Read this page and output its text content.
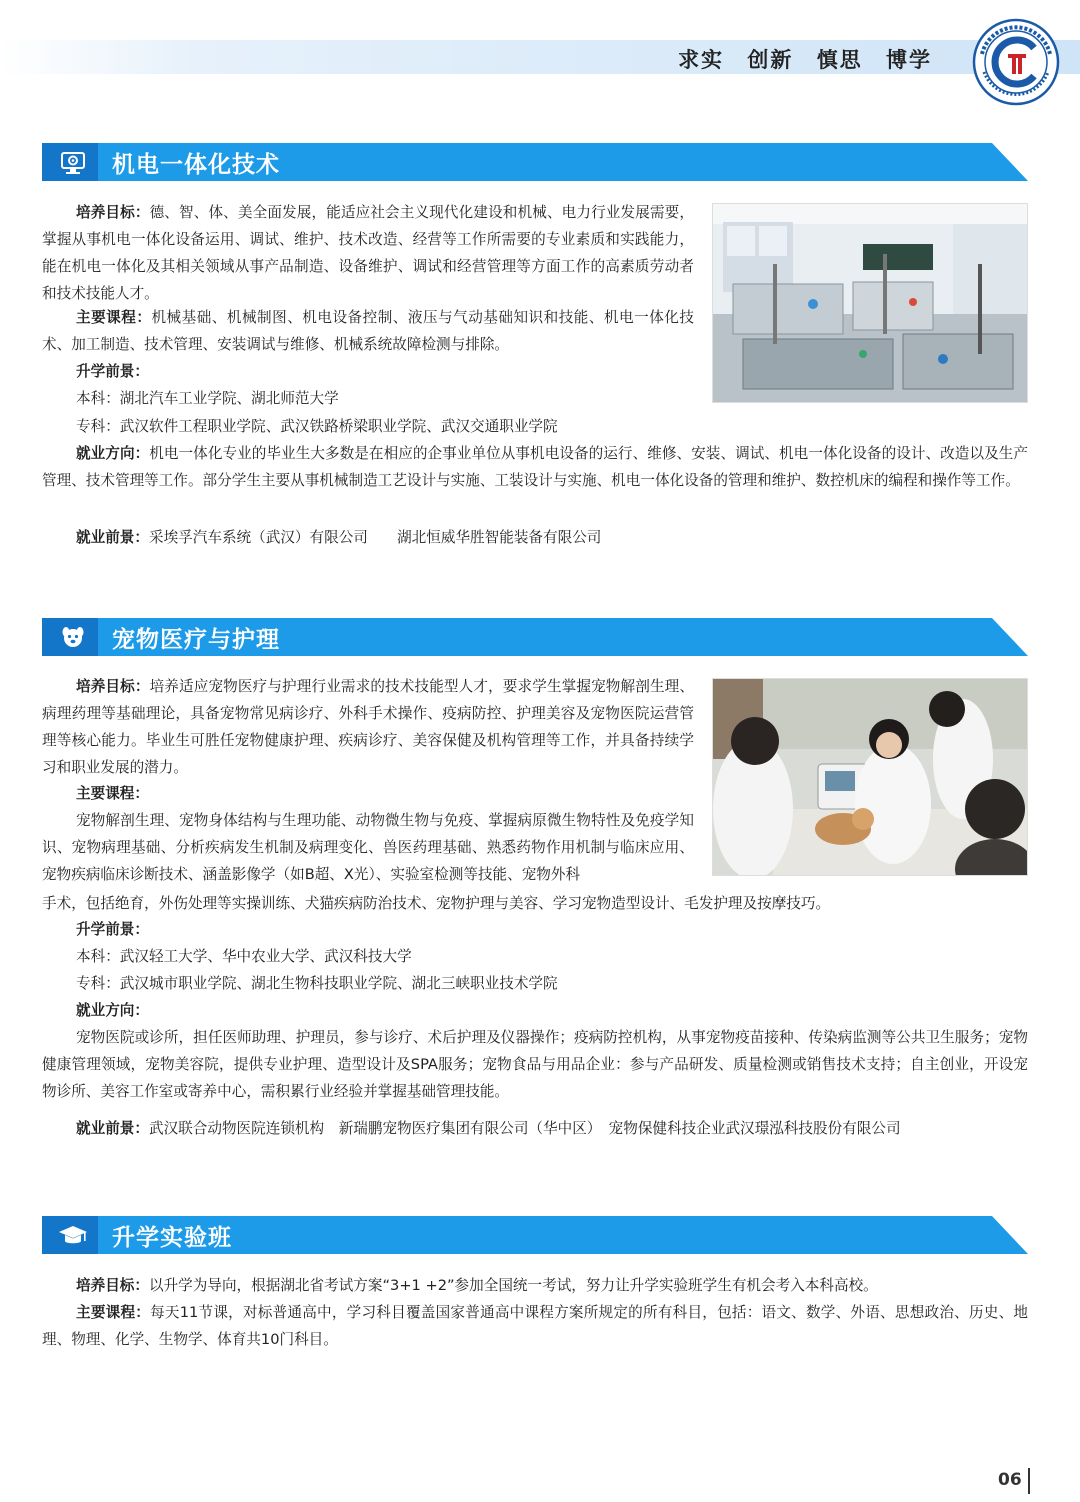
求实 创新 慎思 博学
机电一体化技术

培养目标：德、智、体、美全面发展，能适应社会主义现代化建设和机械、电力行业发展需要，掌握从事机电一体化设备运用、调试、维护、技术改造、经营等工作所需要的专业素质和实践能力，能在机电一体化及其相关领域从事产品制造、设备维护、调试和经营管理等方面工作的高素质劳动者和技术技能人才。

主要课程：机械基础、机械制图、机电设备控制、液压与气动基础知识和技能、机电一体化技术、加工制造、技术管理、安装调试与维修、机械系统故障检测与排除。

升学前景：

本科：湖北汽车工业学院、湖北师范大学

专科：武汉软件工程职业学院、武汉铁路桥梁职业学院、武汉交通职业学院

就业方向：机电一体化专业的毕业生大多数是在相应的企事业单位从事机电设备的运行、维修、安装、调试、机电一体化设备的设计、改造以及生产管理、技术管理等工作。部分学生主要从事机械制造工艺设计与实施、工装设计与实施、机电一体化设备的管理和维护、数控机床的编程和操作等工作。

就业前景：采埃孚汽车系统（武汉）有限公司　　湖北恒威华胜智能装备有限公司

宠物医疗与护理

培养目标：培养适应宠物医疗与护理行业需求的技术技能型人才，要求学生掌握宠物解剖生理、病理药理等基础理论，具备宠物常见病诊疗、外科手术操作、疫病防控、护理美容及宠物医院运营管理等核心能力。毕业生可胜任宠物健康护理、疾病诊疗、美容保健及机构管理等工作，并具备持续学习和职业发展的潜力。

主要课程：

宠物解剖生理、宠物身体结构与生理功能、动物微生物与免疫、掌握病原微生物特性及免疫学知识、宠物病理基础、分析疾病发生机制及病理变化、兽医药理基础、熟悉药物作用机制与临床应用、宠物疾病临床诊断技术、涵盖影像学（如B超、X光）、实验室检测等技能、宠物外科

手术，包括绝育，外伤处理等实操训练、犬猫疾病防治技术、宠物护理与美容、学习宠物造型设计、毛发护理及按摩技巧。

升学前景：

本科：武汉轻工大学、华中农业大学、武汉科技大学

专科：武汉城市职业学院、湖北生物科技职业学院、湖北三峡职业技术学院

就业方向：

宠物医院或诊所，担任医师助理、护理员，参与诊疗、术后护理及仪器操作；疫病防控机构，从事宠物疫苗接种、传染病监测等公共卫生服务；宠物健康管理领域，宠物美容院，提供专业护理、造型设计及SPA服务；宠物食品与用品企业：参与产品研发、质量检测或销售技术支持；自主创业，开设宠物诊所、美容工作室或寄养中心，需积累行业经验并掌握基础管理技能。

就业前景：武汉联合动物医院连锁机构　新瑞鹏宠物医疗集团有限公司（华中区）　宠物保健科技企业武汉璟泓科技股份有限公司

升学实验班

培养目标：以升学为导向，根据湖北省考试方案“3+1 +2”参加全国统一考试，努力让升学实验班学生有机会考入本科高校。

主要课程：每天11节课，对标普通高中，学习科目覆盖国家普通高中课程方案所规定的所有科目，包括：语文、数学、外语、思想政治、历史、地理、物理、化学、生物学、体育共10门科目。

06
